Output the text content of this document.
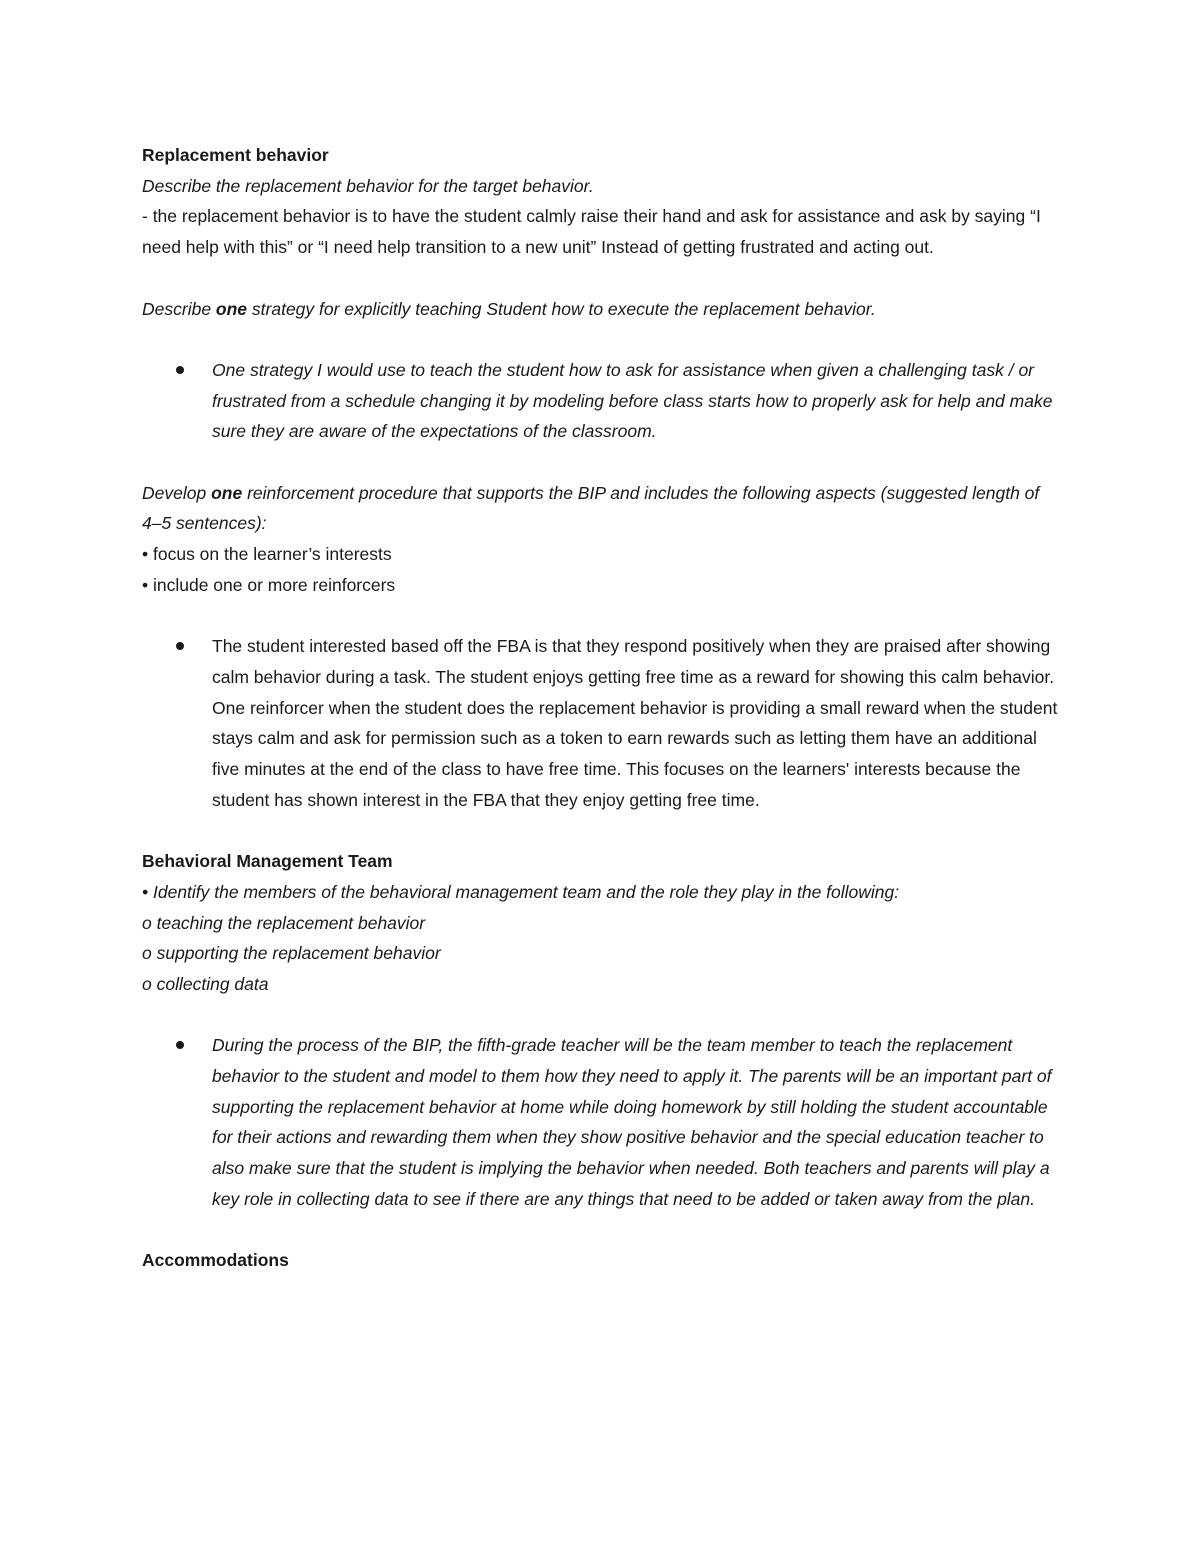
Replacement behavior

Describe the replacement behavior for the target behavior.

- the replacement behavior is to have the student calmly raise their hand and ask for assistance and ask by saying “I need help with this” or “I need help transition to a new unit” Instead of getting frustrated and acting out.

Describe one strategy for explicitly teaching Student how to execute the replacement behavior.

One strategy I would use to teach the student how to ask for assistance when given a challenging task / or frustrated from a schedule changing it by modeling before class starts how to properly ask for help and make sure they are aware of the expectations of the classroom.

Develop one reinforcement procedure that supports the BIP and includes the following aspects (suggested length of 4–5 sentences):

• focus on the learner’s interests

• include one or more reinforcers

The student interested based off the FBA is that they respond positively when they are praised after showing calm behavior during a task. The student enjoys getting free time as a reward for showing this calm behavior. One reinforcer when the student does the replacement behavior is providing a small reward when the student stays calm and ask for permission such as a token to earn rewards such as letting them have an additional five minutes at the end of the class to have free time. This focuses on the learners' interests because the student has shown interest in the FBA that they enjoy getting free time.

Behavioral Management Team

• Identify the members of the behavioral management team and the role they play in the following:

o teaching the replacement behavior

o supporting the replacement behavior

o collecting data

During the process of the BIP, the fifth-grade teacher will be the team member to teach the replacement behavior to the student and model to them how they need to apply it. The parents will be an important part of supporting the replacement behavior at home while doing homework by still holding the student accountable for their actions and rewarding them when they show positive behavior and the special education teacher to also make sure that the student is implying the behavior when needed. Both teachers and parents will play a key role in collecting data to see if there are any things that need to be added or taken away from the plan.

Accommodations
